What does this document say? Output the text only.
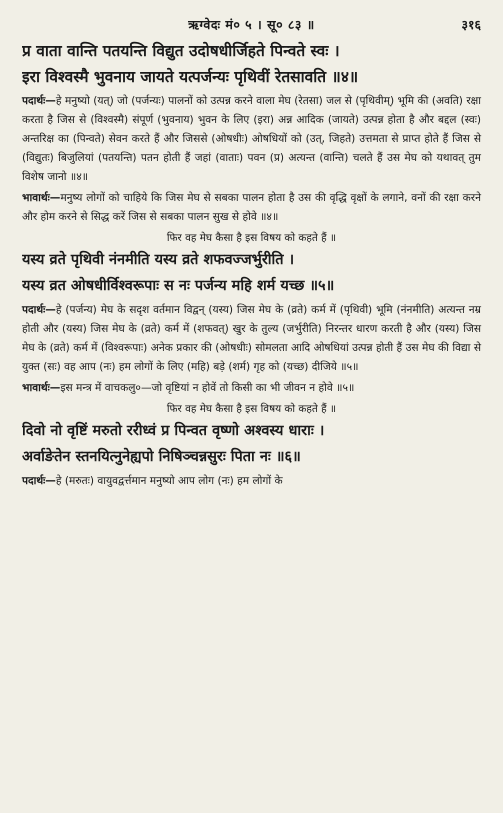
ऋग्वेदः मं० ५ । सू० ८३ ॥	३१६
प्र वाता वान्ति पतयन्ति विद्युत उदोषधीर्जिहते पिन्वते स्वः ।
इरा विश्वस्मै भुवनाय जायते यत्पर्जन्यः पृथिवीं रेतसावति ॥४॥

पदार्थः—हे मनुष्यो (यत्) जो (पर्जन्यः) पालनों को उत्पन्न करने वाला मेघ (रेतसा) जल से (पृथिवीम्) भूमि की (अवति) रक्षा करता है जिस से (विश्वस्मै) संपूर्ण (भुवनाय) भुवन के लिए (इरा) अन्न आदिक (जायते) उत्पन्न होता है और बद्दल (स्वः) अन्तरिक्ष का (पिन्वते) सेवन करते हैं और जिससे (ओषधीः) ओषधियों को (उत्, जिहते) उत्तमता से प्राप्त होते हैं जिस से (विद्युतः) बिजुलियां (पतयन्ति) पतन होती हैं जहां (वाताः) पवन (प्र) अत्यन्त (वान्ति) चलते हैं उस मेघ को यथावत् तुम विशेष जानो ॥४॥

भावार्थः—मनुष्य लोगों को चाहिये कि जिस मेघ से सबका पालन होता है उस की वृद्धि वृक्षों के लगाने, वनों की रक्षा करने और होम करने से सिद्ध करें जिस से सबका पालन सुख से होवे ॥४॥

फिर वह मेघ कैसा है इस विषय को कहते हैं ॥
यस्य व्रते पृथिवी नंनमीति यस्य व्रते शफवज्जर्भुरीति ।
यस्य व्रत ओषधीर्विश्वरूपाः स नः पर्जन्य महि शर्म यच्छ ॥५॥

पदार्थः—हे (पर्जन्य) मेघ के सदृश वर्तमान विद्वन् (यस्य) जिस मेघ के (व्रते) कर्म में (पृथिवी) भूमि (नंनमीति) अत्यन्त नम्र होती और (यस्य) जिस मेघ के (व्रते) कर्म में (शफवत्) खुर के तुल्य (जर्भुरीति) निरन्तर धारण करती है और (यस्य) जिस मेघ के (व्रते) कर्म में (विश्वरूपाः) अनेक प्रकार की (ओषधीः) सोमलता आदि ओषधियां उत्पन्न होती हैं उस मेघ की विद्या से युक्त (सः) वह आप (नः) हम लोगों के लिए (महि) बड़े (शर्म) गृह को (यच्छ) दीजिये ॥५॥

भावार्थः—इस मन्त्र में वाचकलु०—जो वृष्टियां न होवें तो किसी का भी जीवन न होवे ॥५॥

फिर वह मेघ कैसा है इस विषय को कहते हैं ॥
दिवो नो वृष्टिं मरुतो ररीध्वं प्र पिन्वत वृष्णो अश्वस्य धाराः ।
अर्वाङेतेन स्तनयित्नुनेह्यपो निषिञ्चन्नसुरः पिता नः ॥६॥

पदार्थः—हे (मरुतः) वायुवद्वर्त्तमान मनुष्यो आप लोग (नः) हम लोगों के
